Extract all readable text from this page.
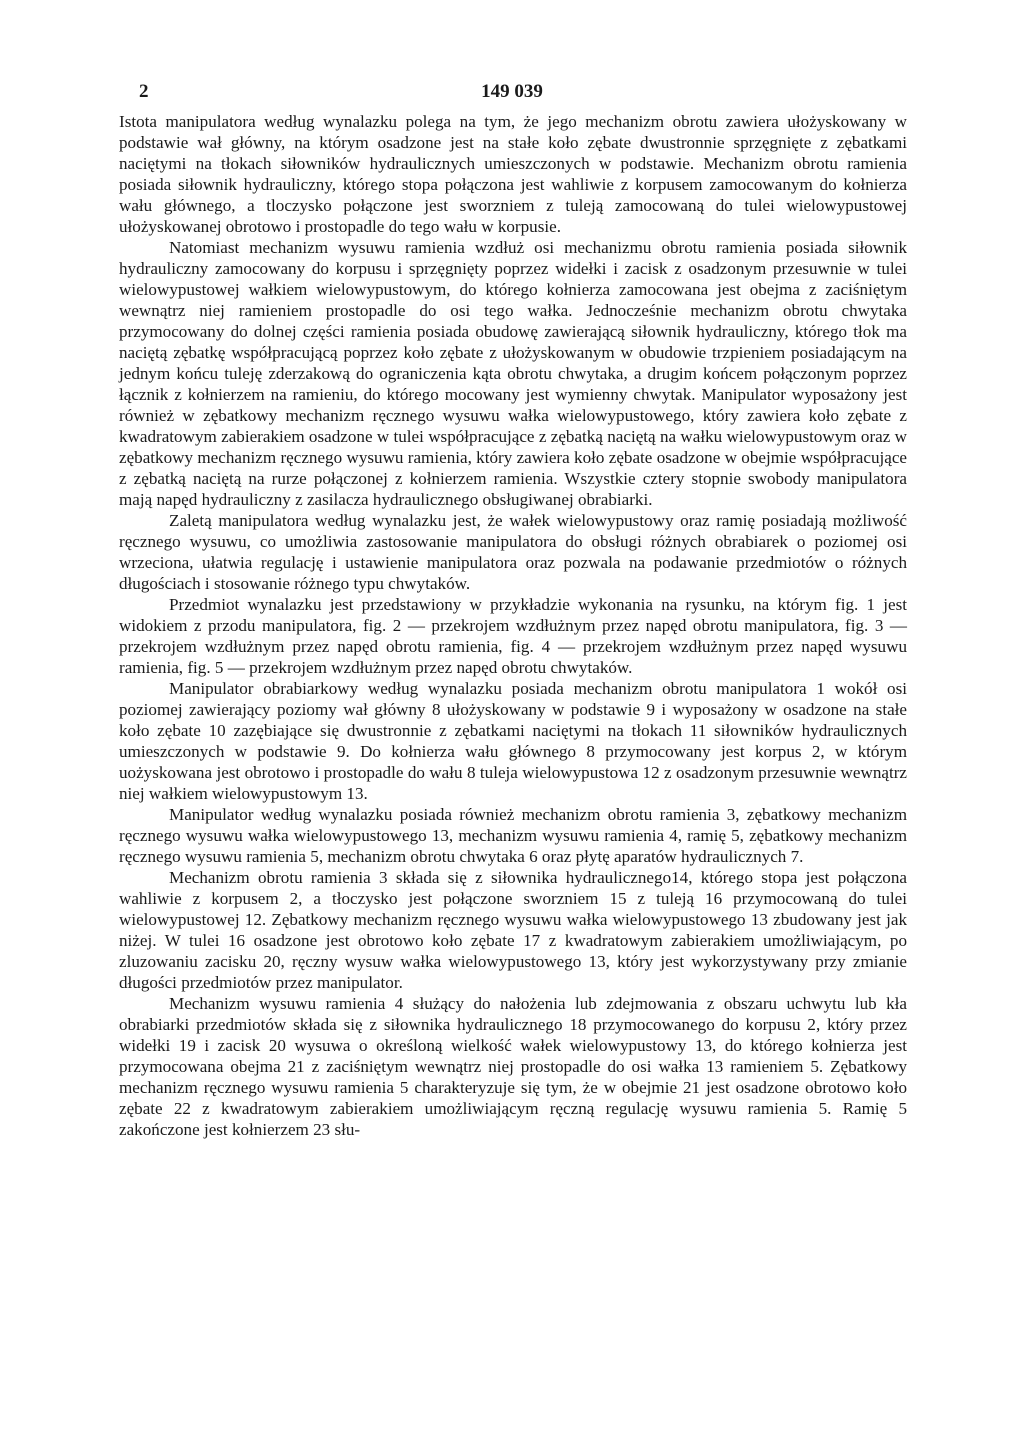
2	149 039

Istota manipulatora według wynalazku polega na tym, że jego mechanizm obrotu zawiera ułożyskowany w podstawie wał główny, na którym osadzone jest na stałe koło zębate dwustronnie sprzęgnięte z zębatkami naciętymi na tłokach siłowników hydraulicznych umieszczonych w podstawie. Mechanizm obrotu ramienia posiada siłownik hydrauliczny, którego stopa połączona jest wahliwie z korpusem zamocowanym do kołnierza wału głównego, a tloczysko połączone jest sworzniem z tuleją zamocowaną do tulei wielowypustowej ułożyskowanej obrotowo i prostopadle do tego wału w korpusie.

Natomiast mechanizm wysuwu ramienia wzdłuż osi mechanizmu obrotu ramienia posiada siłownik hydrauliczny zamocowany do korpusu i sprzęgnięty poprzez widełki i zacisk z osadzonym przesuwnie w tulei wielowypustowej wałkiem wielowypustowym, do którego kołnierza zamocowana jest obejma z zaciśniętym wewnątrz niej ramieniem prostopadle do osi tego wałka. Jednocześnie mechanizm obrotu chwytaka przymocowany do dolnej części ramienia posiada obudowę zawierającą siłownik hydrauliczny, którego tłok ma naciętą zębatkę współpracującą poprzez koło zębate z ułożyskowanym w obudowie trzpieniem posiadającym na jednym końcu tuleję zderzakową do ograniczenia kąta obrotu chwytaka, a drugim końcem połączonym poprzez łącznik z kołnierzem na ramieniu, do którego mocowany jest wymienny chwytak. Manipulator wyposażony jest również w zębatkowy mechanizm ręcznego wysuwu wałka wielowypustowego, który zawiera koło zębate z kwadratowym zabierakiem osadzone w tulei współpracujące z zębatką naciętą na wałku wielowypustowym oraz w zębatkowy mechanizm ręcznego wysuwu ramienia, który zawiera koło zębate osadzone w obejmie współpracujące z zębatką naciętą na rurze połączonej z kołnierzem ramienia. Wszystkie cztery stopnie swobody manipulatora mają napęd hydrauliczny z zasilacza hydraulicznego obsługiwanej obrabiarki.

Zaletą manipulatora według wynalazku jest, że wałek wielowypustowy oraz ramię posiadają możliwość ręcznego wysuwu, co umożliwia zastosowanie manipulatora do obsługi różnych obrabiarek o poziomej osi wrzeciona, ułatwia regulację i ustawienie manipulatora oraz pozwala na podawanie przedmiotów o różnych długościach i stosowanie różnego typu chwytaków.

Przedmiot wynalazku jest przedstawiony w przykładzie wykonania na rysunku, na którym fig. 1 jest widokiem z przodu manipulatora, fig. 2 — przekrojem wzdłużnym przez napęd obrotu manipulatora, fig. 3 — przekrojem wzdłużnym przez napęd obrotu ramienia, fig. 4 — przekrojem wzdłużnym przez napęd wysuwu ramienia, fig. 5 — przekrojem wzdłużnym przez napęd obrotu chwytaków.

Manipulator obrabiarkowy według wynalazku posiada mechanizm obrotu manipulatora 1 wokół osi poziomej zawierający poziomy wał główny 8 ułożyskowany w podstawie 9 i wyposażony w osadzone na stałe koło zębate 10 zazębiające się dwustronnie z zębatkami naciętymi na tłokach 11 siłowników hydraulicznych umieszczonych w podstawie 9. Do kołnierza wału głównego 8 przymocowany jest korpus 2, w którym uożyskowana jest obrotowo i prostopadle do wału 8 tuleja wielowypustowa 12 z osadzonym przesuwnie wewnątrz niej wałkiem wielowypustowym 13.

Manipulator według wynalazku posiada również mechanizm obrotu ramienia 3, zębatkowy mechanizm ręcznego wysuwu wałka wielowypustowego 13, mechanizm wysuwu ramienia 4, ramię 5, zębatkowy mechanizm ręcznego wysuwu ramienia 5, mechanizm obrotu chwytaka 6 oraz płytę aparatów hydraulicznych 7.

Mechanizm obrotu ramienia 3 składa się z siłownika hydraulicznego14, którego stopa jest połączona wahliwie z korpusem 2, a tłoczysko jest połączone sworzniem 15 z tuleją 16 przymocowaną do tulei wielowypustowej 12. Zębatkowy mechanizm ręcznego wysuwu wałka wielowypustowego 13 zbudowany jest jak niżej. W tulei 16 osadzone jest obrotowo koło zębate 17 z kwadratowym zabierakiem umożliwiającym, po zluzowaniu zacisku 20, ręczny wysuw wałka wielowypustowego 13, który jest wykorzystywany przy zmianie długości przedmiotów przez manipulator.

Mechanizm wysuwu ramienia 4 służący do nałożenia lub zdejmowania z obszaru uchwytu lub kła obrabiarki przedmiotów składa się z siłownika hydraulicznego 18 przymocowanego do korpusu 2, który przez widełki 19 i zacisk 20 wysuwa o określoną wielkość wałek wielowypustowy 13, do którego kołnierza jest przymocowana obejma 21 z zaciśniętym wewnątrz niej prostopadle do osi wałka 13 ramieniem 5. Zębatkowy mechanizm ręcznego wysuwu ramienia 5 charakteryzuje się tym, że w obejmie 21 jest osadzone obrotowo koło zębate 22 z kwadratowym zabierakiem umożliwiającym ręczną regulację wysuwu ramienia 5. Ramię 5 zakończone jest kołnierzem 23 słu-
